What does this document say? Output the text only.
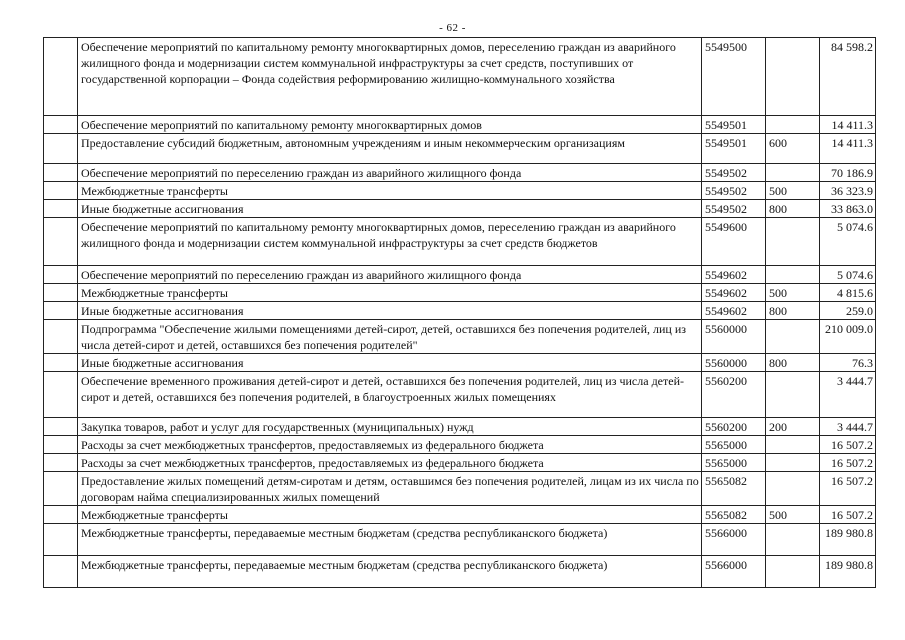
- 62 -
	Обеспечение мероприятий по капитальному ремонту многоквартирных домов, переселению граждан из аварийного жилищного фонда и модернизации систем коммунальной инфраструктуры за счет средств, поступивших от государственной корпорации – Фонда содействия реформированию жилищно-коммунального хозяйства	5549500		84 598.2
	Обеспечение мероприятий по капитальному ремонту многоквартирных домов	5549501		14 411.3
	Предоставление субсидий бюджетным, автономным учреждениям и иным некоммерческим организациям	5549501	600	14 411.3
	Обеспечение мероприятий по переселению граждан из аварийного жилищного фонда	5549502		70 186.9
	Межбюджетные трансферты	5549502	500	36 323.9
	Иные бюджетные ассигнования	5549502	800	33 863.0
	Обеспечение мероприятий по капитальному ремонту многоквартирных домов, переселению граждан из аварийного жилищного фонда и модернизации систем коммунальной инфраструктуры за счет средств бюджетов	5549600		5 074.6
	Обеспечение мероприятий по переселению граждан из аварийного жилищного фонда	5549602		5 074.6
	Межбюджетные трансферты	5549602	500	4 815.6
	Иные бюджетные ассигнования	5549602	800	259.0
	Подпрограмма "Обеспечение жилыми помещениями детей-сирот, детей, оставшихся без попечения родителей, лиц из числа детей-сирот и детей, оставшихся без попечения родителей"	5560000		210 009.0
	Иные бюджетные ассигнования	5560000	800	76.3
	Обеспечение временного проживания детей-сирот и детей, оставшихся без попечения родителей, лиц из числа детей-сирот и детей, оставшихся без попечения родителей, в благоустроенных жилых помещениях	5560200		3 444.7
	Закупка товаров, работ и услуг для государственных (муниципальных) нужд	5560200	200	3 444.7
	Расходы за счет межбюджетных трансфертов, предоставляемых из федерального бюджета	5565000		16 507.2
	Расходы за счет межбюджетных трансфертов, предоставляемых из федерального бюджета	5565000		16 507.2
	Предоставление жилых помещений детям-сиротам и детям, оставшимся без попечения родителей, лицам из их числа по договорам найма специализированных жилых помещений	5565082		16 507.2
	Межбюджетные трансферты	5565082	500	16 507.2
	Межбюджетные трансферты, передаваемые местным бюджетам (средства республиканского бюджета)	5566000		189 980.8
	Межбюджетные трансферты, передаваемые местным бюджетам (средства республиканского бюджета)	5566000		189 980.8
